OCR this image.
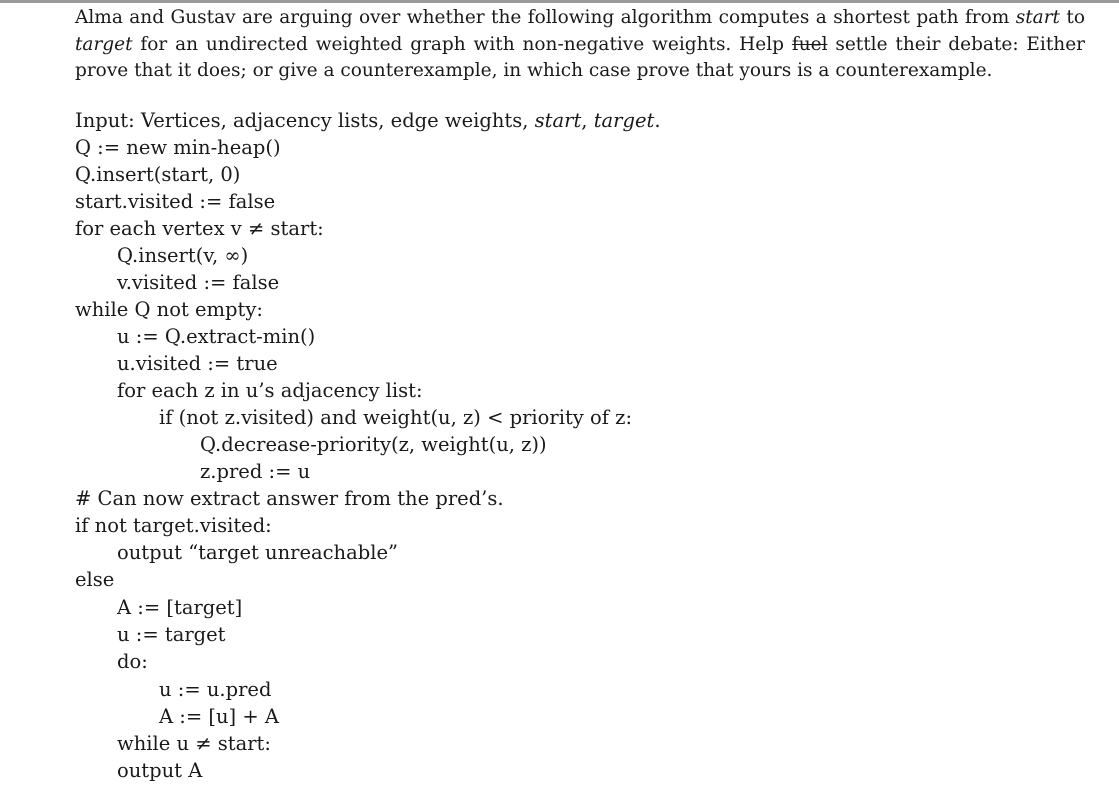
Alma and Gustav are arguing over whether the following algorithm computes a shortest path from start to target for an undirected weighted graph with non-negative weights. Help fuel settle their debate: Either prove that it does; or give a counterexample, in which case prove that yours is a counterexample.
Input: Vertices, adjacency lists, edge weights, start, target.
Q := new min-heap()
Q.insert(start, 0)
start.visited := false
for each vertex v ≠ start:
Q.insert(v, ∞)
v.visited := false
while Q not empty:
u := Q.extract-min()
u.visited := true
for each z in u’s adjacency list:
if (not z.visited) and weight(u, z) < priority of z:
Q.decrease-priority(z, weight(u, z))
z.pred := u
# Can now extract answer from the pred’s.
if not target.visited:
output “target unreachable”
else
A := [target]
u := target
do:
u := u.pred
A := [u] + A
while u ≠ start:
output A
